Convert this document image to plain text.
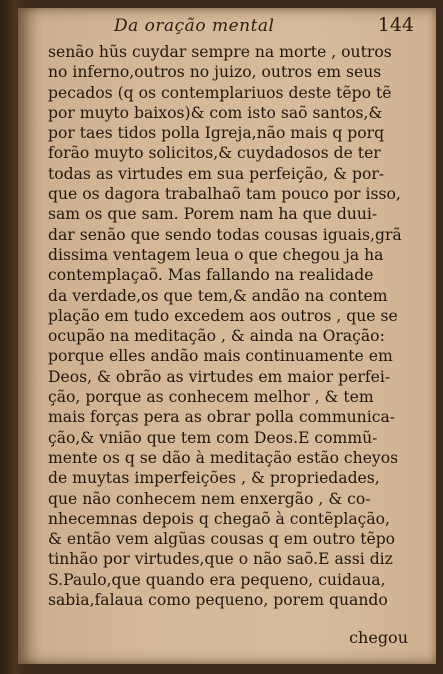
Da oração mental	144
senão hũs cuydar sempre na morte , outros
no inferno,outros no juizo, outros em seus
pecados (q os contemplariuos deste tẽpo tẽ
por muyto baixos)& com isto saõ santos,&
por taes tidos polla Igreja,não mais q porq
forão muyto solicitos,& cuydadosos de ter
todas as virtudes em sua perfeição, & por-
que os dagora trabalhaõ tam pouco por isso,
sam os que sam. Porem nam ha que duui-
dar senão que sendo todas cousas iguais,grã
dissima ventagem leua o que chegou ja ha
contemplaçaõ. Mas fallando na realidade
da verdade,os que tem,& andão na contem
plação em tudo excedem aos outros , que se
ocupão na meditação , & ainda na Oração:
porque elles andão mais continuamente em
Deos, & obrão as virtudes em maior perfei-
ção, porque as conhecem melhor , & tem
mais forças pera as obrar polla communica-
ção,& vnião que tem com Deos.E commũ-
mente os q se dão à meditação estão cheyos
de muytas imperfeições , & propriedades,
que não conhecem nem enxergão , & co-
nhecemnas depois q chegaõ à contẽplação,
& então vem algũas cousas q em outro tẽpo
tinhão por virtudes,que o não saõ.E assi diz
S.Paulo,que quando era pequeno, cuidaua,
sabia,falaua como pequeno, porem quando
chegou
